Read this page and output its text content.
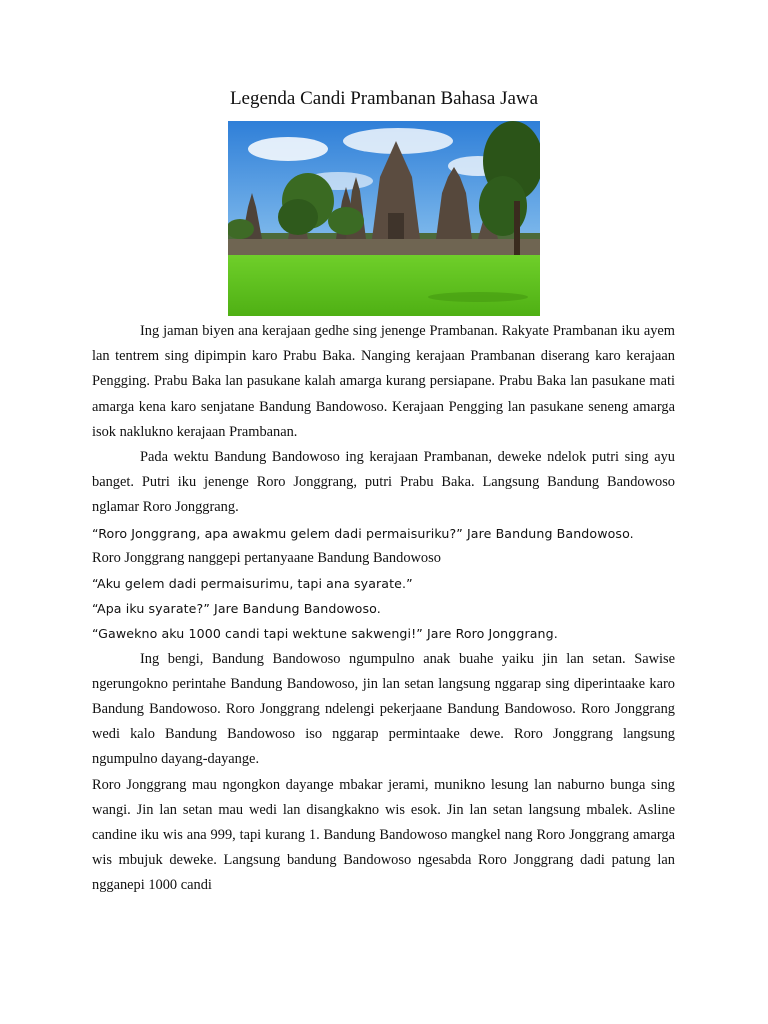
Legenda Candi Prambanan Bahasa Jawa

Ing jaman biyen ana kerajaan gedhe sing jenenge Prambanan. Rakyate Prambanan iku ayem lan tentrem sing dipimpin karo Prabu Baka. Nanging kerajaan Prambanan diserang karo kerajaan Pengging. Prabu Baka lan pasukane kalah amarga kurang persiapane. Prabu Baka lan pasukane mati amarga kena karo senjatane Bandung Bandowoso. Kerajaan Pengging lan pasukane seneng amarga isok naklukno kerajaan Prambanan.

Pada wektu Bandung Bandowoso ing kerajaan Prambanan, deweke ndelok putri sing ayu banget. Putri iku jenenge Roro Jonggrang, putri Prabu Baka. Langsung Bandung Bandowoso nglamar Roro Jonggrang.

“Roro Jonggrang, apa awakmu gelem dadi permaisuriku?” Jare Bandung Bandowoso.

Roro Jonggrang nanggepi pertanyaane Bandung Bandowoso

“Aku gelem dadi permaisurimu, tapi ana syarate.”

“Apa iku syarate?” Jare Bandung Bandowoso.

“Gawekno aku 1000 candi tapi wektune sakwengi!” Jare Roro Jonggrang.

Ing bengi, Bandung Bandowoso ngumpulno anak buahe yaiku jin lan setan. Sawise ngerungokno perintahe Bandung Bandowoso, jin lan setan langsung nggarap sing diperintaake karo Bandung Bandowoso. Roro Jonggrang ndelengi pekerjaane Bandung Bandowoso. Roro Jonggrang wedi kalo Bandung Bandowoso iso nggarap permintaake dewe. Roro Jonggrang langsung ngumpulno dayang-dayange.

Roro Jonggrang mau ngongkon dayange mbakar jerami, munikno lesung lan naburno bunga sing wangi. Jin lan setan mau wedi lan disangkakno wis esok. Jin lan setan langsung mbalek. Asline candine iku wis ana 999, tapi kurang 1. Bandung Bandowoso mangkel nang Roro Jonggrang amarga wis mbujuk deweke. Langsung bandung Bandowoso ngesabda Roro Jonggrang dadi patung lan ngganepi 1000 candi
